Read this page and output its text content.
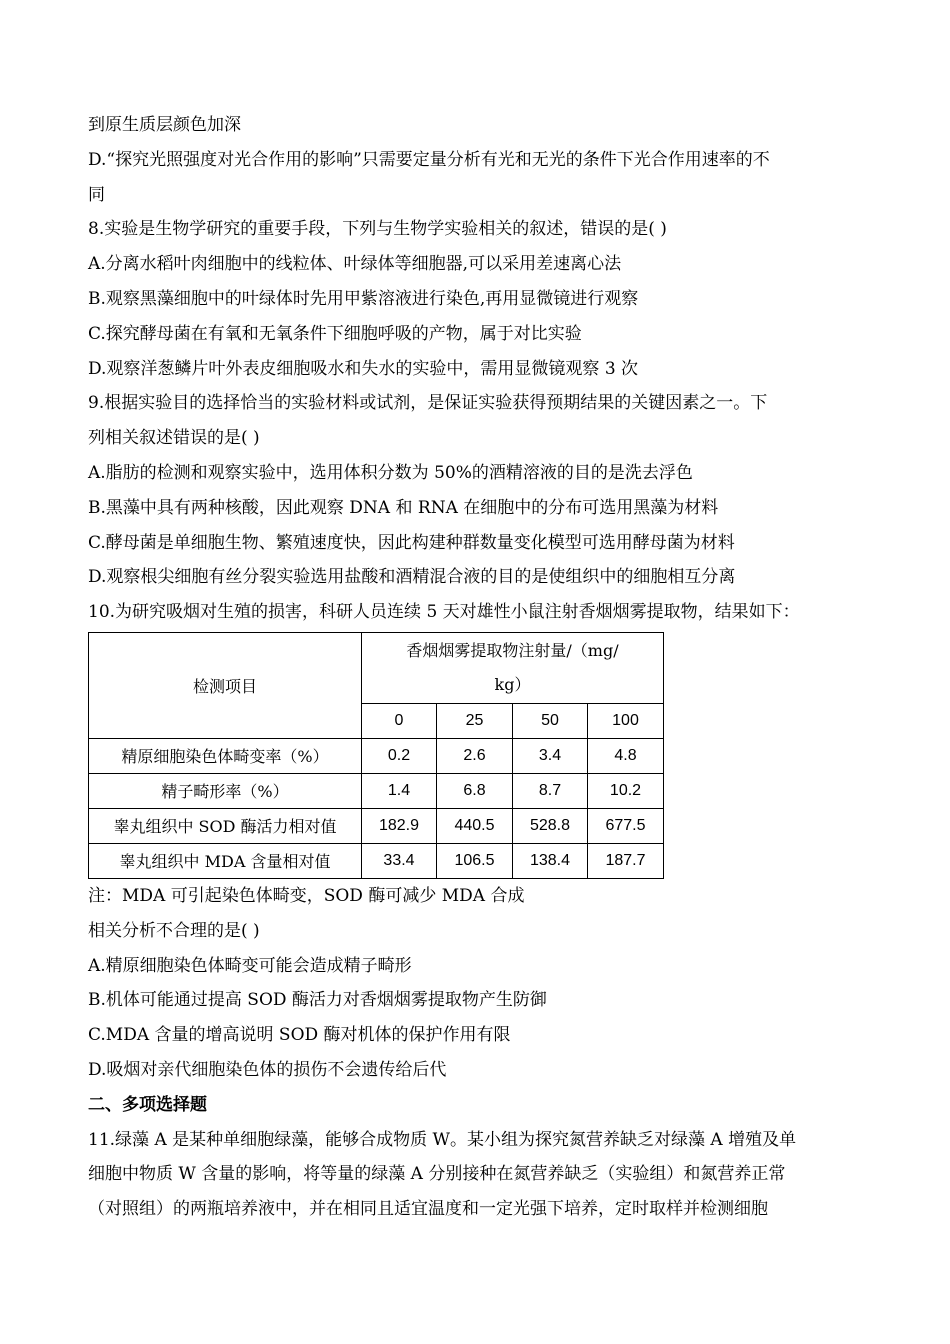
到原生质层颜色加深
D.“探究光照强度对光合作用的影响”只需要定量分析有光和无光的条件下光合作用速率的不
同
8.实验是生物学研究的重要手段，下列与生物学实验相关的叙述，错误的是( )
A.分离水稻叶肉细胞中的线粒体、叶绿体等细胞器,可以采用差速离心法
B.观察黑藻细胞中的叶绿体时先用甲紫溶液进行染色,再用显微镜进行观察
C.探究酵母菌在有氧和无氧条件下细胞呼吸的产物，属于对比实验
D.观察洋葱鳞片叶外表皮细胞吸水和失水的实验中，需用显微镜观察 3 次
9.根据实验目的选择恰当的实验材料或试剂，是保证实验获得预期结果的关键因素之一。下
列相关叙述错误的是( )
A.脂肪的检测和观察实验中，选用体积分数为 50%的酒精溶液的目的是洗去浮色
B.黑藻中具有两种核酸，因此观察 DNA 和 RNA 在细胞中的分布可选用黑藻为材料
C.酵母菌是单细胞生物、繁殖速度快，因此构建种群数量变化模型可选用酵母菌为材料
D.观察根尖细胞有丝分裂实验选用盐酸和酒精混合液的目的是使组织中的细胞相互分离
10.为研究吸烟对生殖的损害，科研人员连续 5 天对雄性小鼠注射香烟烟雾提取物，结果如下：
检测项目	香烟烟雾提取物注射量/（mg/
kg）			

	0	25	50	100
精原细胞染色体畸变率（%）	0.2	2.6	3.4	4.8
精子畸形率（%）	1.4	6.8	8.7	10.2
睾丸组织中 SOD 酶活力相对值	182.9	440.5	528.8	677.5
睾丸组织中 MDA 含量相对值	33.4	106.5	138.4	187.7
注：MDA 可引起染色体畸变，SOD 酶可减少 MDA 合成
相关分析不合理的是( )
A.精原细胞染色体畸变可能会造成精子畸形
B.机体可能通过提高 SOD 酶活力对香烟烟雾提取物产生防御
C.MDA 含量的增高说明 SOD 酶对机体的保护作用有限
D.吸烟对亲代细胞染色体的损伤不会遗传给后代
二、多项选择题
11.绿藻 A 是某种单细胞绿藻，能够合成物质 W。某小组为探究氮营养缺乏对绿藻 A 增殖及单
细胞中物质 W 含量的影响，将等量的绿藻 A 分别接种在氮营养缺乏（实验组）和氮营养正常
（对照组）的两瓶培养液中，并在相同且适宜温度和一定光强下培养，定时取样并检测细胞
